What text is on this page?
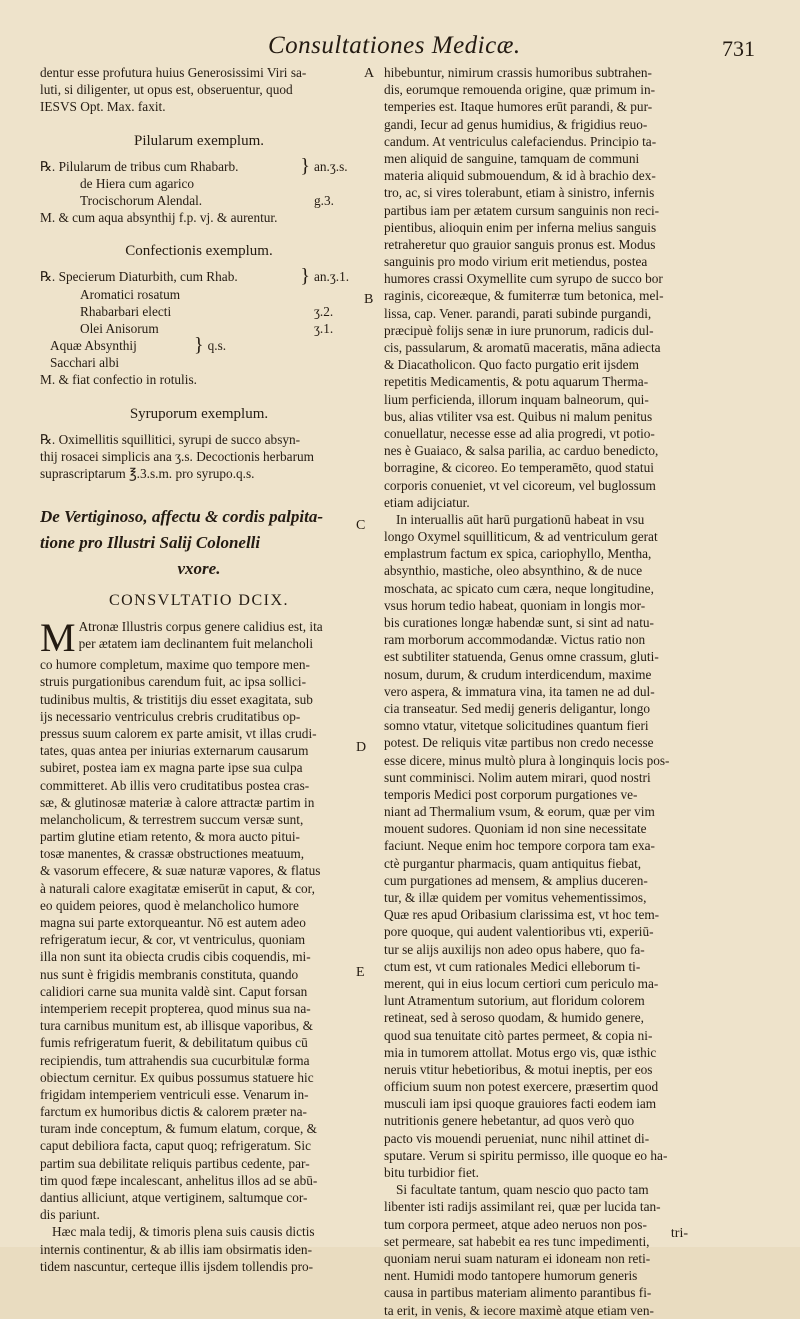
Consultationes Medicæ.	731
A
B
C
D
E
dentur esse profutura huius Generosissimi Viri sa-
luti, si diligenter, ut opus est, obseruentur, quod
IESVS Opt. Max. faxit.
Pilularum exemplum.
℞. Pilularum de tribus cum Rhabarb.	} an.ʒ.s.
de Hiera cum agarico
Trocischorum Alendal.	g.3.
M. & cum aqua absynthij f.p. vj. & aurentur.
Confectionis exemplum.
℞. Specierum Diaturbith, cum Rhab.	} an.ʒ.1.
Aromatici rosatum
Rhabarbari electi	ʒ.2.
Olei Anisorum	ʒ.1.
Aquæ Absynthij	} q.s.
Sacchari albi
M. & fiat confectio in rotulis.
Syruporum exemplum.
℞. Oximellitis squillitici, syrupi de succo absyn-
thij rosacei simplicis ana ʒ.s. Decoctionis herbarum
suprascriptarum ℥.3.s.m. pro syrupo.q.s.
De Vertiginoso, affectu & cordis palpita-
tione pro Illustri Salij Colonelli
vxore.
CONSVLTATIO DCIX.
M Atronæ Illustris corpus genere calidius est, ita
per ætatem iam declinantem fuit melancholi
co humore completum, maxime quo tempore men-
struis purgationibus carendum fuit, ac ipsa sollici-
tudinibus multis, & tristitijs diu esset exagitata, sub
ijs necessario ventriculus crebris cruditatibus op-
pressus suum calorem ex parte amisit, vt illas crudi-
tates, quas antea per iniurias externarum causarum
subiret, postea iam ex magna parte ipse sua culpa
committeret. Ab illis vero cruditatibus postea cras-
sæ, & glutinosæ materiæ à calore attractæ partim in
melancholicum, & terrestrem succum versæ sunt,
partim glutine etiam retento, & mora aucto pitui-
tosæ manentes, & crassæ obstructiones meatuum,
& vasorum effecere, & suæ naturæ vapores, & flatus
à naturali calore exagitatæ emiserūt in caput, & cor,
eo quidem peiores, quod è melancholico humore
magna sui parte extorqueantur. Nō est autem adeo
refrigeratum iecur, & cor, vt ventriculus, quoniam
illa non sunt ita obiecta crudis cibis coquendis, mi-
nus sunt è frigidis membranis constituta, quando
calidiori carne sua munita valdè sint. Caput forsan
intemperiem recepit propterea, quod minus sua na-
tura carnibus munitum est, ab illisque vaporibus, &
fumis refrigeratum fuerit, & debilitatum quibus cū
recipiendis, tum attrahendis sua cucurbitulæ forma
obiectum cernitur. Ex quibus possumus statuere hic
frigidam intemperiem ventriculi esse. Venarum in-
farctum ex humoribus dictis & calorem præter na-
turam inde conceptum, & fumum elatum, corque, &
caput debiliora facta, caput quoq; refrigeratum. Sic
partim sua debilitate reliquis partibus cedente, par-
tim quod fæpe incalescant, anhelitus illos ad se abū-
dantius alliciunt, atque vertiginem, saltumque cor-
dis pariunt.
Hæc mala tedij, & timoris plena suis causis dictis
internis continentur, & ab illis iam obsirmatis iden-
tidem nascuntur, certeque illis ijsdem tollendis pro-
hibebuntur, nimirum crassis humoribus subtrahen-
dis, eorumque remouenda origine, quæ primum in-
temperies est. Itaque humores erūt parandi, & pur-
gandi, Iecur ad genus humidius, & frigidius reuo-
candum. At ventriculus calefaciendus. Principio ta-
men aliquid de sanguine, tamquam de communi
materia aliquid submouendum, & id à brachio dex-
tro, ac, si vires tolerabunt, etiam à sinistro, infernis
partibus iam per ætatem cursum sanguinis non reci-
pientibus, alioquin enim per inferna melius sanguis
retraheretur quo grauior sanguis pronus est. Modus
sanguinis pro modo virium erit metiendus, postea
humores crassi Oxymellite cum syrupo de succo bor
raginis, cicoreæque, & fumiterræ tum betonica, mel-
lissa, cap. Vener. parandi, parati subinde purgandi,
præcipuè folijs senæ in iure prunorum, radicis dul-
cis, passularum, & aromatū maceratis, māna adiecta
& Diacatholicon. Quo facto purgatio erit ijsdem
repetitis Medicamentis, & potu aquarum Therma-
lium perficienda, illorum inquam balneorum, qui-
bus, alias vtiliter vsa est. Quibus ni malum penitus
conuellatur, necesse esse ad alia progredi, vt potio-
nes è Guaiaco, & salsa parilia, ac carduo benedicto,
borragine, & cicoreo. Eo temperamēto, quod statui
corporis conueniet, vt vel cicoreum, vel buglossum
etiam adijciatur.
In interuallis aūt harū purgationū habeat in vsu
longo Oxymel squilliticum, & ad ventriculum gerat
emplastrum factum ex spica, cariophyllo, Mentha,
absynthio, mastiche, oleo absynthino, & de nuce
moschata, ac spicato cum cæra, neque longitudine,
vsus horum tedio habeat, quoniam in longis mor-
bis curationes longæ habendæ sunt, si sint ad natu-
ram morborum accommodandæ. Victus ratio non
est subtiliter statuenda, Genus omne crassum, gluti-
nosum, durum, & crudum interdicendum, maxime
vero aspera, & immatura vina, ita tamen ne ad dul-
cia transeatur. Sed medij generis deligantur, longo
somno vtatur, vitetque solicitudines quantum fieri
potest. De reliquis vitæ partibus non credo necesse
esse dicere, minus multò plura à longinquis locis pos-
sunt comminisci. Nolim autem mirari, quod nostri
temporis Medici post corporum purgationes ve-
niant ad Thermalium vsum, & eorum, quæ per vim
mouent sudores. Quoniam id non sine necessitate
faciunt. Neque enim hoc tempore corpora tam exa-
ctè purgantur pharmacis, quam antiquitus fiebat,
cum purgationes ad mensem, & amplius duceren-
tur, & illæ quidem per vomitus vehementissimos,
Quæ res apud Oribasium clarissima est, vt hoc tem-
pore quoque, qui audent valentioribus vti, experiū-
tur se alijs auxilijs non adeo opus habere, quo fa-
ctum est, vt cum rationales Medici elleborum ti-
merent, qui in eius locum certiori cum periculo ma-
lunt Atramentum sutorium, aut floridum colorem
retineat, sed à seroso quodam, & humido genere,
quod sua tenuitate citò partes permeet, & copia ni-
mia in tumorem attollat. Motus ergo vis, quæ isthic
neruis vtitur hebetioribus, & motui ineptis, per eos
officium suum non potest exercere, præsertim quod
musculi iam ipsi quoque grauiores facti eodem iam
nutritionis genere hebetantur, ad quos verò quo
pacto vis mouendi perueniat, nunc nihil attinet di-
sputare. Verum si spiritu permisso, ille quoque eo ha-
bitu turbidior fiet.
Si facultate tantum, quam nescio quo pacto tam
libenter isti radijs assimilant rei, quæ per lucida tan-
tum corpora permeet, atque adeo neruos non pos-
set permeare, sat habebit ea res tunc impedimenti,
quoniam nerui suam naturam ei idoneam non reti-
nent. Humidi modo tantopere humorum generis
causa in partibus materiam alimento parantibus fi-
ta erit, in venis, & iecore maximè atque etiam ven-
tri-
